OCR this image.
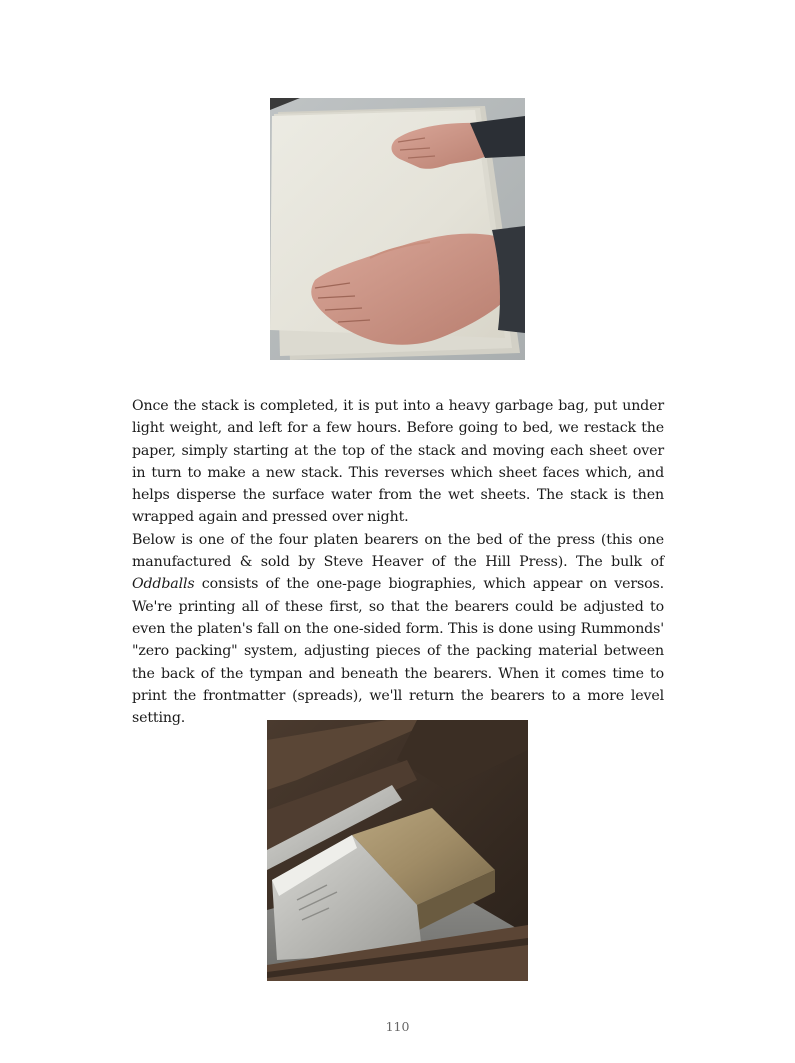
Once the stack is completed, it is put into a heavy garbage bag, put under light weight, and left for a few hours. Before going to bed, we restack the paper, simply starting at the top of the stack and moving each sheet over in turn to make a new stack. This reverses which sheet faces which, and helps disperse the surface water from the wet sheets. The stack is then wrapped again and pressed over night.

Below is one of the four platen bearers on the bed of the press (this one manufactured & sold by Steve Heaver of the Hill Press). The bulk of Oddballs consists of the one-page biographies, which appear on versos. We're printing all of these first, so that the bearers could be adjusted to even the platen's fall on the one-sided form. This is done using Rummonds' "zero packing" system, adjusting pieces of the packing material between the back of the tympan and beneath the bearers. When it comes time to print the frontmatter (spreads), we'll return the bearers to a more level setting.

110
